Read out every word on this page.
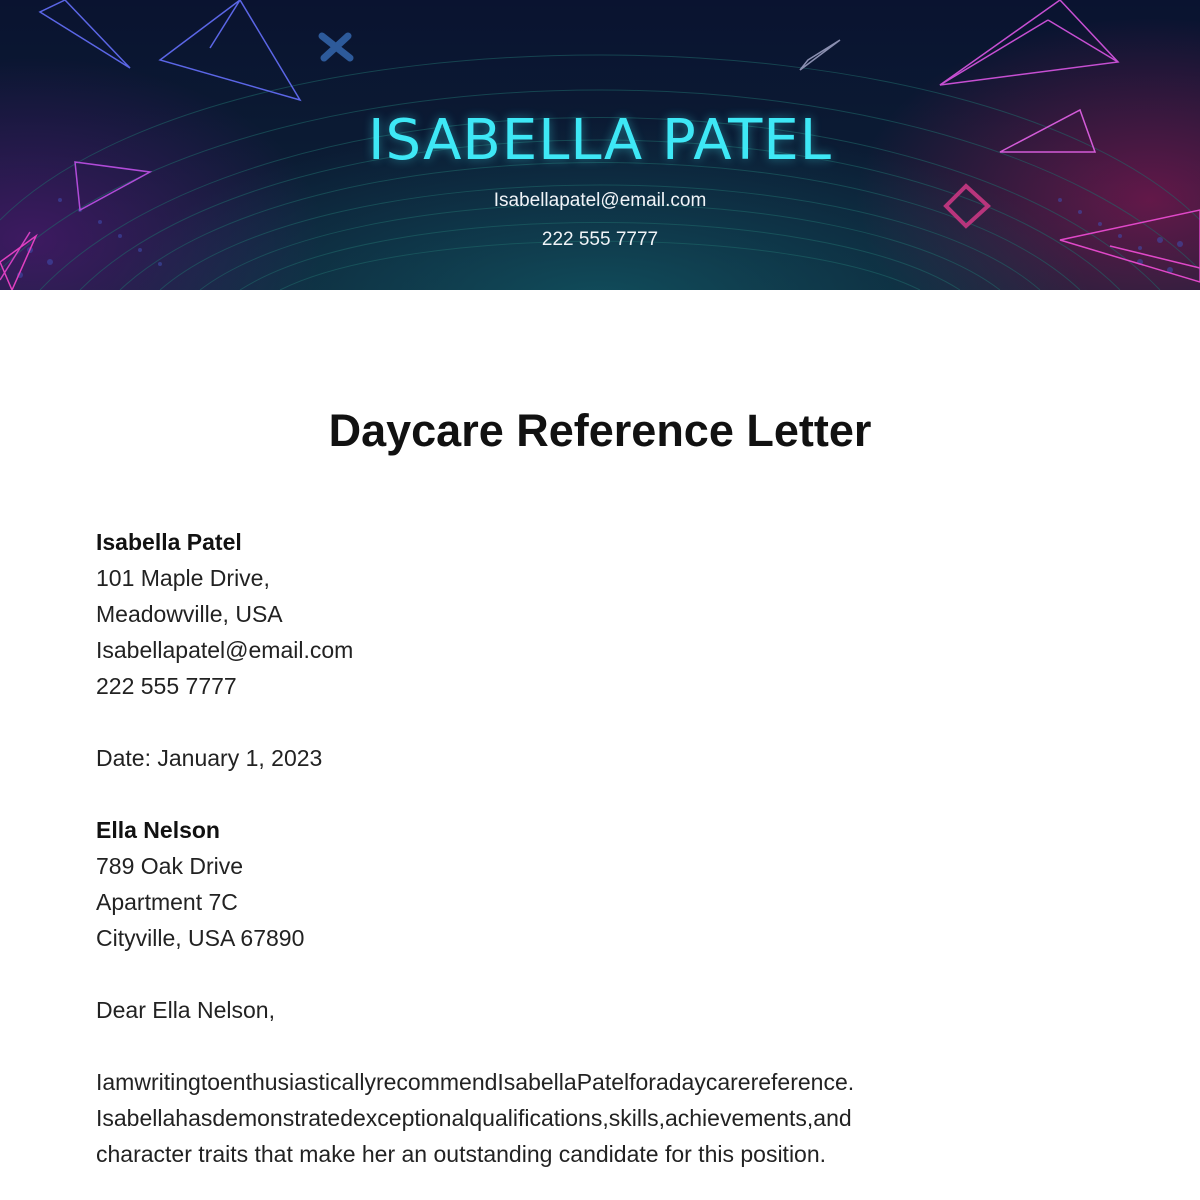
ISABELLA PATEL
Isabellapatel@email.com
222 555 7777
Daycare Reference Letter
Isabella Patel
101 Maple Drive,
Meadowville, USA
Isabellapatel@email.com
222 555 7777
Date: January 1, 2023
Ella Nelson
789 Oak Drive
Apartment 7C
Cityville, USA 67890
Dear Ella Nelson,
IamwritingtoenthusiasticallyrecommendIsabellaPatelforadaycarereference.
Isabellahasdemonstratedexceptionalqualifications,skills,achievements,and
character traits that make her an outstanding candidate for this position.
